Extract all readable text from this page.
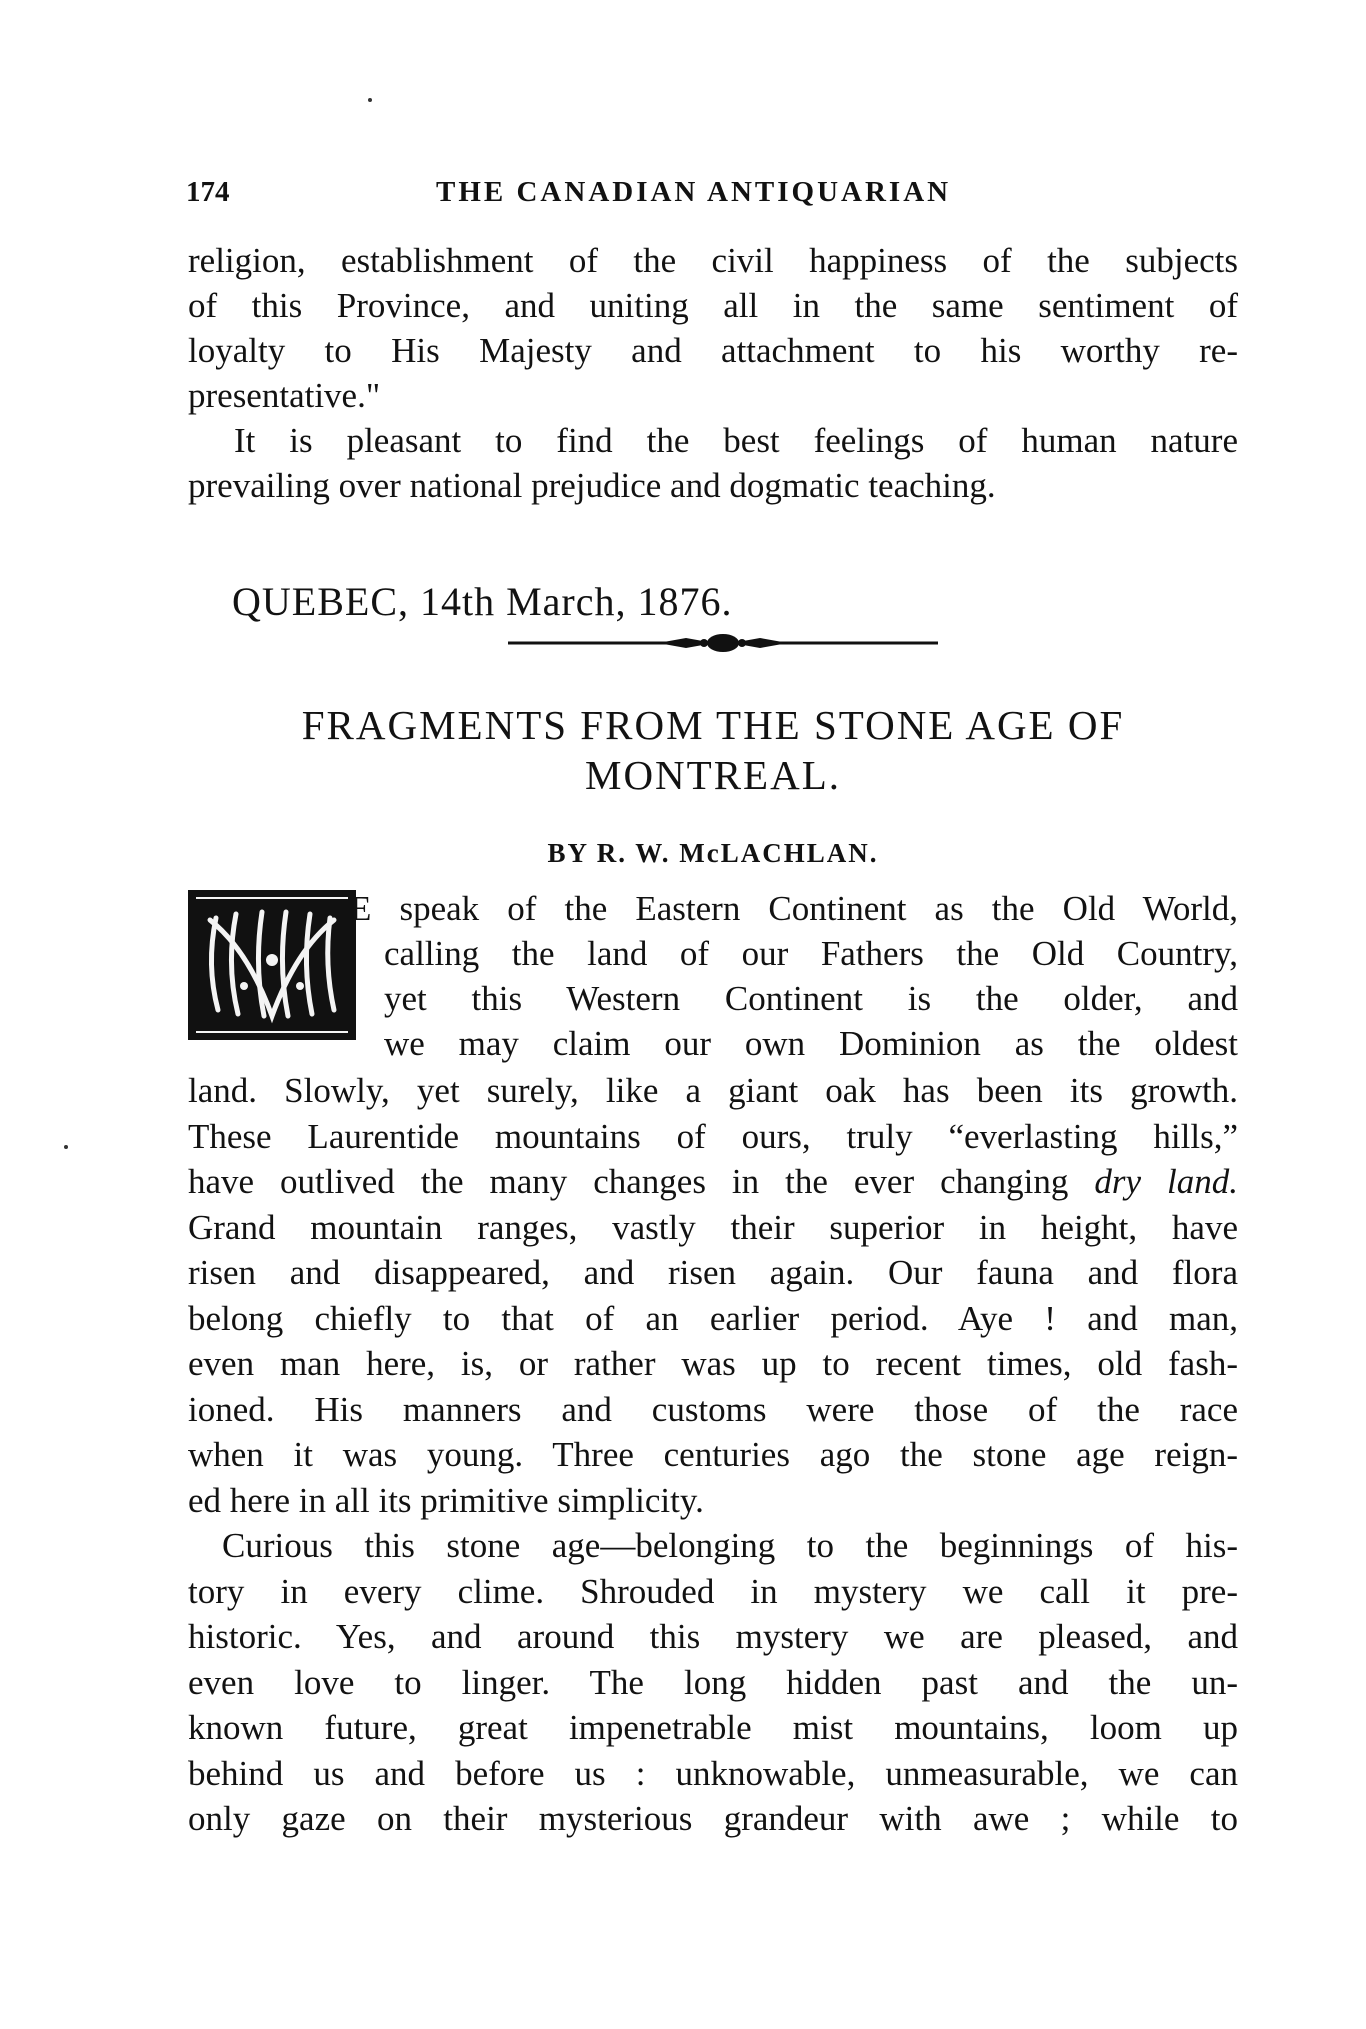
174	THE CANADIAN ANTIQUARIAN
religion, establishment of the civil happiness of the subjects
of this Province, and uniting all in the same sentiment of
loyalty to His Majesty and attachment to his worthy re-
presentative."
It is pleasant to find the best feelings of human nature
prevailing over national prejudice and dogmatic teaching.
QUEBEC, 14th March, 1876.
FRAGMENTS FROM THE STONE AGE OF
MONTREAL.
BY R. W. McLACHLAN.
E speak of the Eastern Continent as the Old World,
calling the land of our Fathers the Old Country,
yet this Western Continent is the older, and
we may claim our own Dominion as the oldest
land. Slowly, yet surely, like a giant oak has been its growth.
These Laurentide mountains of ours, truly “everlasting hills,”
have outlived the many changes in the ever changing dry land.
Grand mountain ranges, vastly their superior in height, have
risen and disappeared, and risen again. Our fauna and flora
belong chiefly to that of an earlier period. Aye ! and man,
even man here, is, or rather was up to recent times, old fash-
ioned. His manners and customs were those of the race
when it was young. Three centuries ago the stone age reign-
ed here in all its primitive simplicity.
Curious this stone age—belonging to the beginnings of his-
tory in every clime. Shrouded in mystery we call it pre-
historic. Yes, and around this mystery we are pleased, and
even love to linger. The long hidden past and the un-
known future, great impenetrable mist mountains, loom up
behind us and before us : unknowable, unmeasurable, we can
only gaze on their mysterious grandeur with awe ; while to
